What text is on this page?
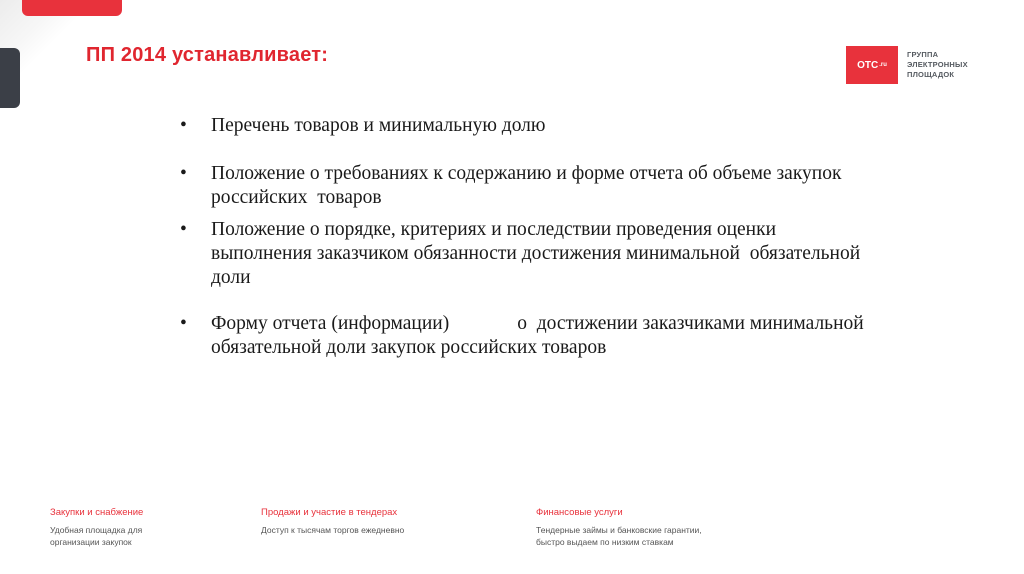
ПП 2014 устанавливает:	ОТС .ru
ГРУППА
ЭЛЕКТРОННЫХ
ПЛОЩАДОК
• Перечень товаров и минимальную долю
• Положение о требованиях к содержанию и форме отчета об объеме закупок
российских  товаров
• Положение о порядке, критериях и последствии проведения оценки
выполнения заказчиком обязанности достижения минимальной  обязательной
доли
• Форму отчета (информации)	о  достижении заказчиками минимальной
обязательной доли закупок российских товаров
Закупки и снабжение
Удобная площадка для
организации закупок
Продажи и участие в тендерах
Доступ к тысячам торгов ежедневно
Финансовые услуги
Тендерные займы и банковские гарантии,
быстро выдаем по низким ставкам
